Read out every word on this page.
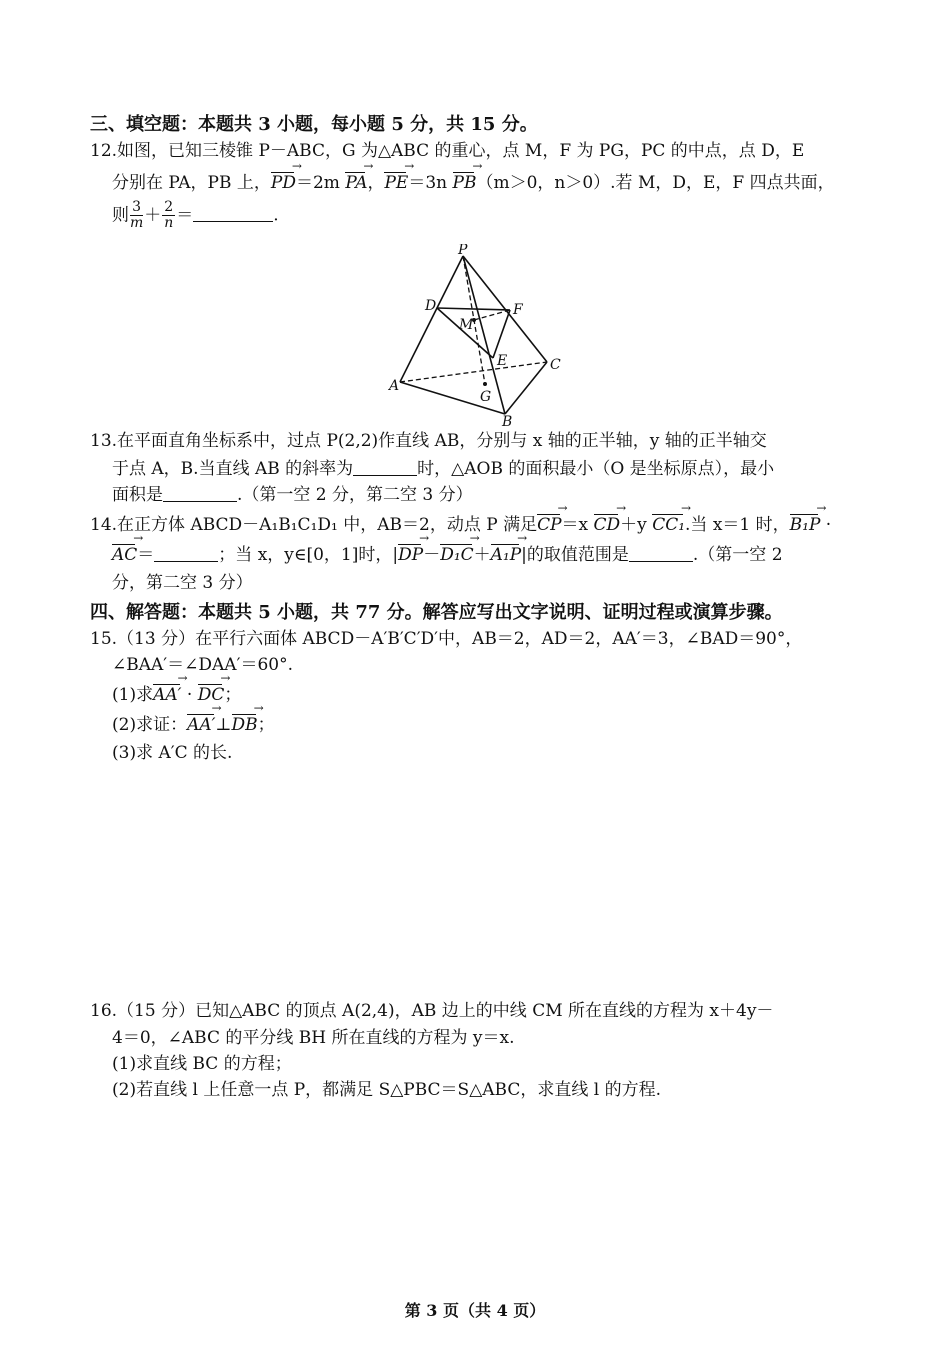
三、填空题：本题共 3 小题，每小题 5 分，共 15 分。
12.如图，已知三棱锥 P－ABC，G 为△ABC 的重心，点 M，F 为 PG，PC 的中点，点 D，E
分别在 PA，PB 上，PD →＝2m PA →，PE →＝3n PB →（m＞0，n＞0）.若 M，D，E，F 四点共面，
则 $\frac{3}{m} + \frac{2}{n}$ ＝	.
P
D
M
F
E	C
A
G
B
13.在平面直角坐标系中，过点 P(2,2)作直线 AB，分别与 x 轴的正半轴，y 轴的正半轴交
于点 A，B.当直线 AB 的斜率为	时，△AOB 的面积最小（O 是坐标原点），最小
面积是	.（第一空 2 分，第二空 3 分）
14.在正方体 ABCD－A₁B₁C₁D₁ 中，AB＝2，动点 P 满足CP →＝x CD →＋y CC₁ →.当 x＝1 时，B₁P → ·
AC →＝	；当 x，y∈[0，1]时，|DP →－D₁C →＋A₁P →|的取值范围是	.（第一空 2
分，第二空 3 分）
四、解答题：本题共 5 小题，共 77 分。解答应写出文字说明、证明过程或演算步骤。
15.（13 分）在平行六面体 ABCD－A′B′C′D′中，AB＝2，AD＝2，AA′＝3，∠BAD＝90°，
∠BAA′＝∠DAA′＝60°.
(1)求AA′ → · DC →；
(2)求证：AA′ →⊥DB →；
(3)求 A′C 的长.
16.（15 分）已知△ABC 的顶点 A(2,4)，AB 边上的中线 CM 所在直线的方程为 x＋4y－
4＝0，∠ABC 的平分线 BH 所在直线的方程为 y＝x.
(1)求直线 BC 的方程；
(2)若直线 l 上任意一点 P，都满足 S△PBC＝S△ABC，求直线 l 的方程.
第 3 页（共 4 页）
